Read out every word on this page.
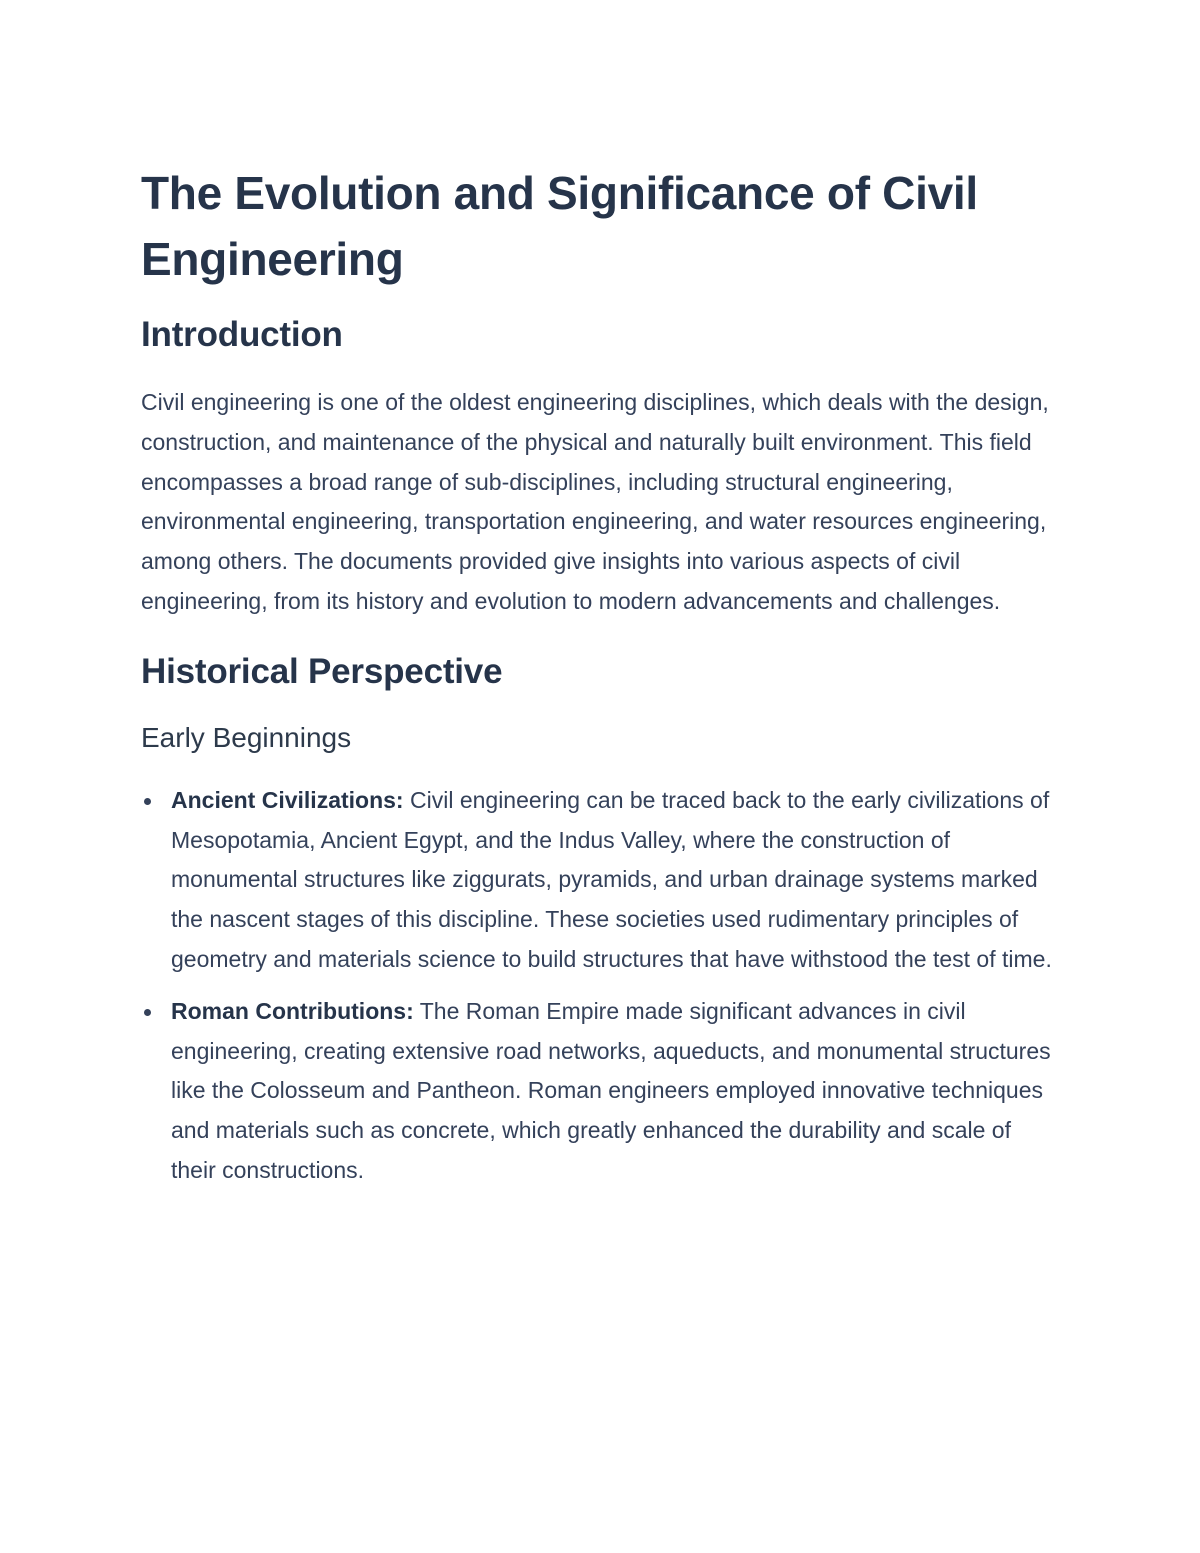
The Evolution and Significance of Civil Engineering
Introduction

Civil engineering is one of the oldest engineering disciplines, which deals with the design, construction, and maintenance of the physical and naturally built environment. This field encompasses a broad range of sub-disciplines, including structural engineering, environmental engineering, transportation engineering, and water resources engineering, among others. The documents provided give insights into various aspects of civil engineering, from its history and evolution to modern advancements and challenges.

Historical Perspective
Early Beginnings
Ancient Civilizations: Civil engineering can be traced back to the early civilizations of Mesopotamia, Ancient Egypt, and the Indus Valley, where the construction of monumental structures like ziggurats, pyramids, and urban drainage systems marked the nascent stages of this discipline. These societies used rudimentary principles of geometry and materials science to build structures that have withstood the test of time.
Roman Contributions: The Roman Empire made significant advances in civil engineering, creating extensive road networks, aqueducts, and monumental structures like the Colosseum and Pantheon. Roman engineers employed innovative techniques and materials such as concrete, which greatly enhanced the durability and scale of their constructions.
